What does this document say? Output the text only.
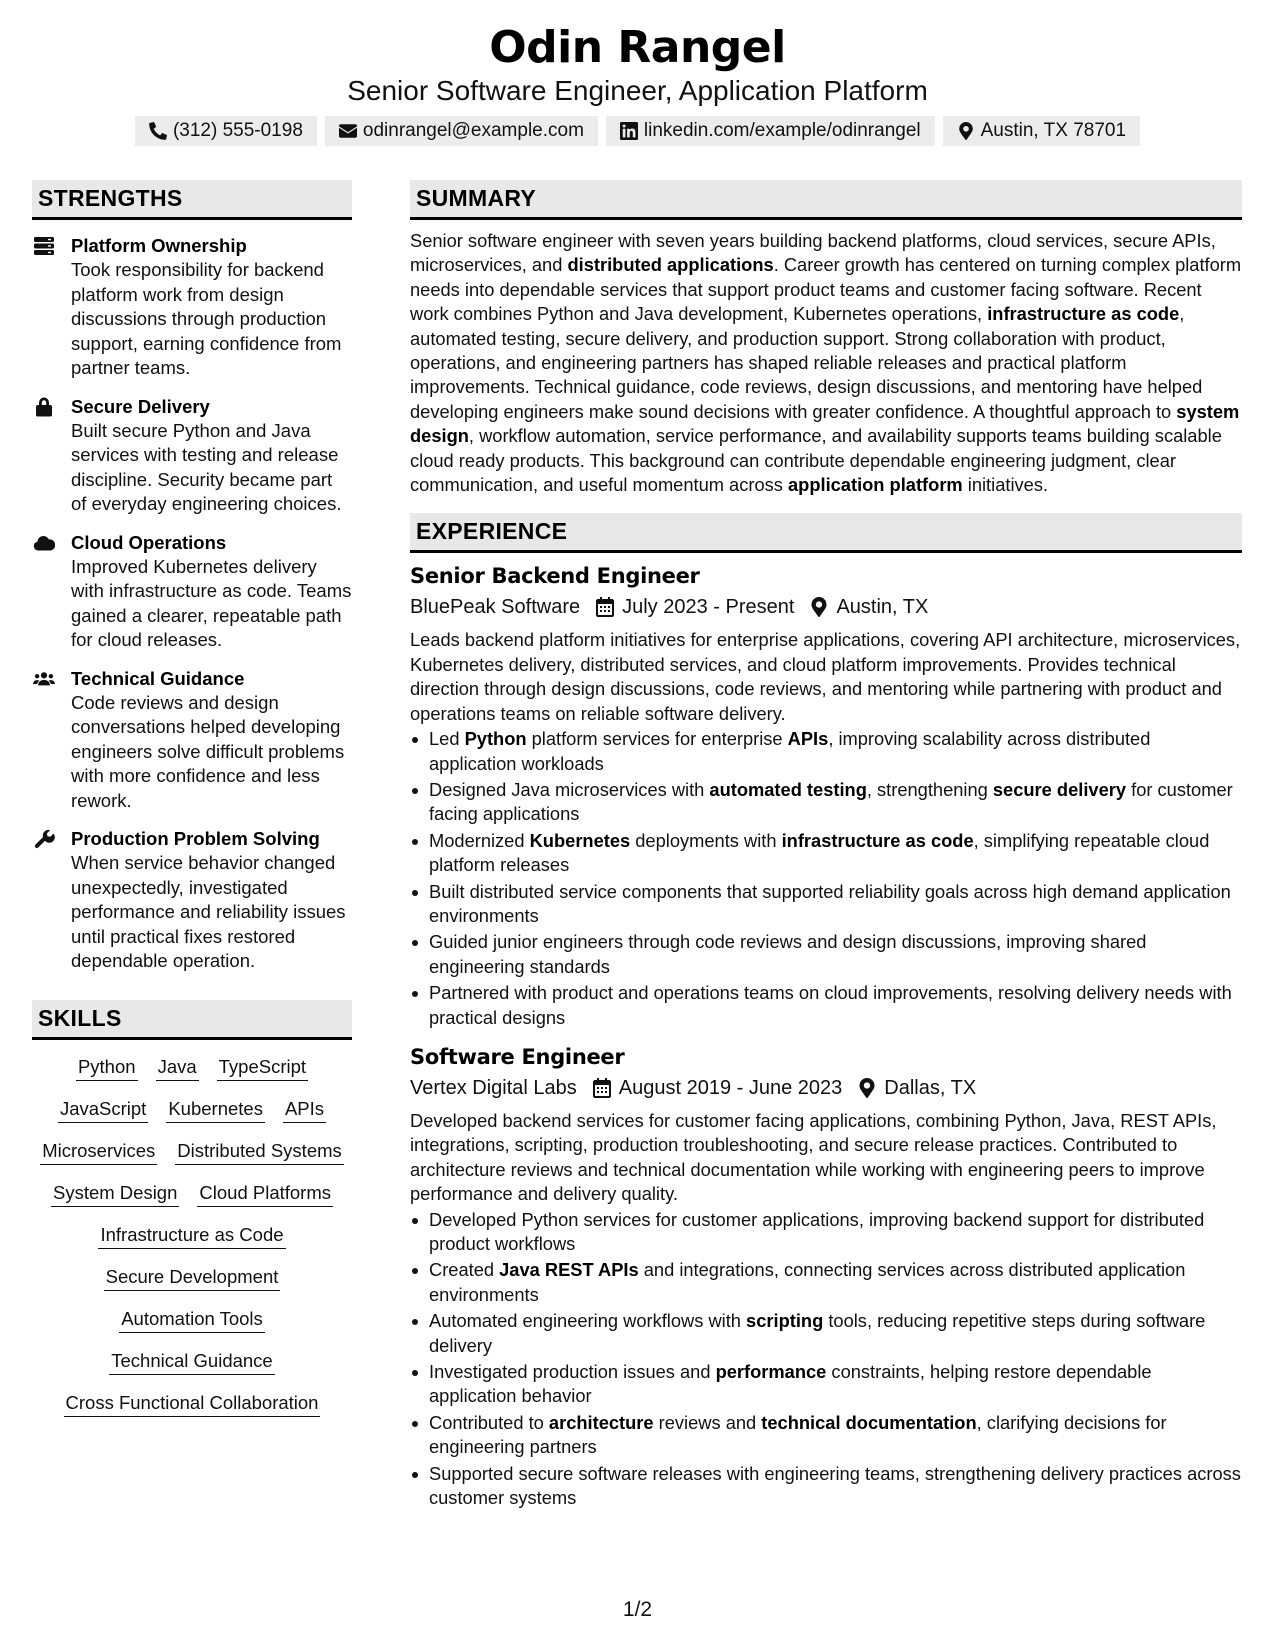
Odin Rangel
Senior Software Engineer, Application Platform
(312) 555-0198	odinrangel@example.com	linkedin.com/example/odinrangel	Austin, TX 78701
STRENGTHS
Platform Ownership
Took responsibility for backend platform work from design discussions through production support, earning confidence from partner teams.
Secure Delivery
Built secure Python and Java services with testing and release discipline. Security became part of everyday engineering choices.
Cloud Operations
Improved Kubernetes delivery with infrastructure as code. Teams gained a clearer, repeatable path for cloud releases.
Technical Guidance
Code reviews and design conversations helped developing engineers solve difficult problems with more confidence and less rework.
Production Problem Solving
When service behavior changed unexpectedly, investigated performance and reliability issues until practical fixes restored dependable operation.
SKILLS
Python Java TypeScript
JavaScript Kubernetes APIs
Microservices Distributed Systems
System Design Cloud Platforms
Infrastructure as Code
Secure Development
Automation Tools
Technical Guidance
Cross Functional Collaboration
SUMMARY

Senior software engineer with seven years building backend platforms, cloud services, secure APIs, microservices, and distributed applications. Career growth has centered on turning complex platform needs into dependable services that support product teams and customer facing software. Recent work combines Python and Java development, Kubernetes operations, infrastructure as code, automated testing, secure delivery, and production support. Strong collaboration with product, operations, and engineering partners has shaped reliable releases and practical platform improvements. Technical guidance, code reviews, design discussions, and mentoring have helped developing engineers make sound decisions with greater confidence. A thoughtful approach to system design, workflow automation, service performance, and availability supports teams building scalable cloud ready products. This background can contribute dependable engineering judgment, clear communication, and useful momentum across application platform initiatives.

EXPERIENCE
Senior Backend Engineer
BluePeak Software July 2023 - Present Austin, TX

Leads backend platform initiatives for enterprise applications, covering API architecture, microservices, Kubernetes delivery, distributed services, and cloud platform improvements. Provides technical direction through design discussions, code reviews, and mentoring while partnering with product and operations teams on reliable software delivery.

Led Python platform services for enterprise APIs, improving scalability across distributed application workloads
Designed Java microservices with automated testing, strengthening secure delivery for customer facing applications
Modernized Kubernetes deployments with infrastructure as code, simplifying repeatable cloud platform releases
Built distributed service components that supported reliability goals across high demand application environments
Guided junior engineers through code reviews and design discussions, improving shared engineering standards
Partnered with product and operations teams on cloud improvements, resolving delivery needs with practical designs
Software Engineer
Vertex Digital Labs August 2019 - June 2023 Dallas, TX

Developed backend services for customer facing applications, combining Python, Java, REST APIs, integrations, scripting, production troubleshooting, and secure release practices. Contributed to architecture reviews and technical documentation while working with engineering peers to improve performance and delivery quality.

Developed Python services for customer applications, improving backend support for distributed product workflows
Created Java REST APIs and integrations, connecting services across distributed application environments
Automated engineering workflows with scripting tools, reducing repetitive steps during software delivery
Investigated production issues and performance constraints, helping restore dependable application behavior
Contributed to architecture reviews and technical documentation, clarifying decisions for engineering partners
Supported secure software releases with engineering teams, strengthening delivery practices across customer systems
1/2
